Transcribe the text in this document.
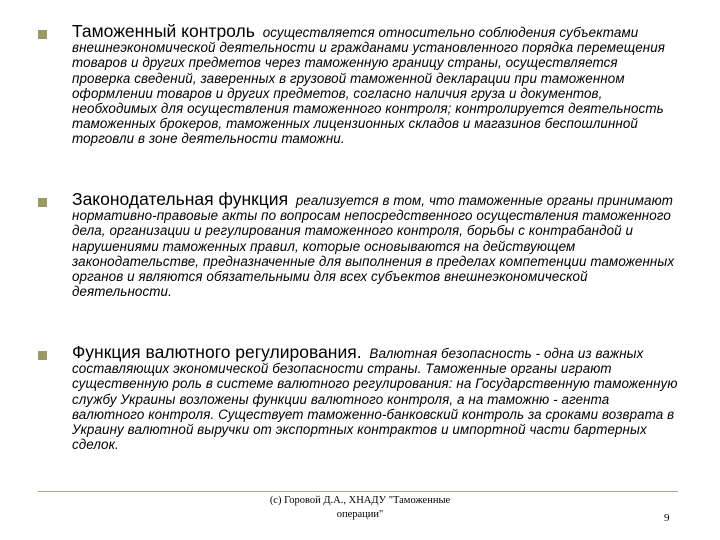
Таможенный контроль осуществляется относительно соблюдения субъектами внешнеэкономической деятельности и гражданами установленного порядка перемещения товаров и других предметов через таможенную границу страны, осуществляется проверка сведений, заверенных в грузовой таможенной декларации при таможенном оформлении товаров и других предметов, согласно наличия груза и документов, необходимых для осуществления таможенного контроля; контролируется деятельность таможенных брокеров, таможенных лицензионных складов и магазинов беспошлинной торговли в зоне деятельности таможни.
Законодательная функция реализуется в том, что таможенные органы принимают нормативно-правовые акты по вопросам непосредственного осуществления таможенного дела, организации и регулирования таможенного контроля, борьбы с контрабандой и нарушениями таможенных правил, которые основываются на действующем законодательстве, предназначенные для выполнения в пределах компетенции таможенных органов и являются обязательными для всех субъектов внешнеэкономической деятельности.
Функция валютного регулирования. Валютная безопасность - одна из важных составляющих экономической безопасности страны. Таможенные органы играют существенную роль в системе валютного регулирования: на Государственную таможенную службу Украины возложены функции валютного контроля, а на таможню - агента валютного контроля. Существует таможенно-банковский контроль за сроками возврата в Украину валютной выручки от экспортных контрактов и импортной части бартерных сделок.
(с) Горовой Д.А., ХНАДУ "Таможенные
операции"	9
